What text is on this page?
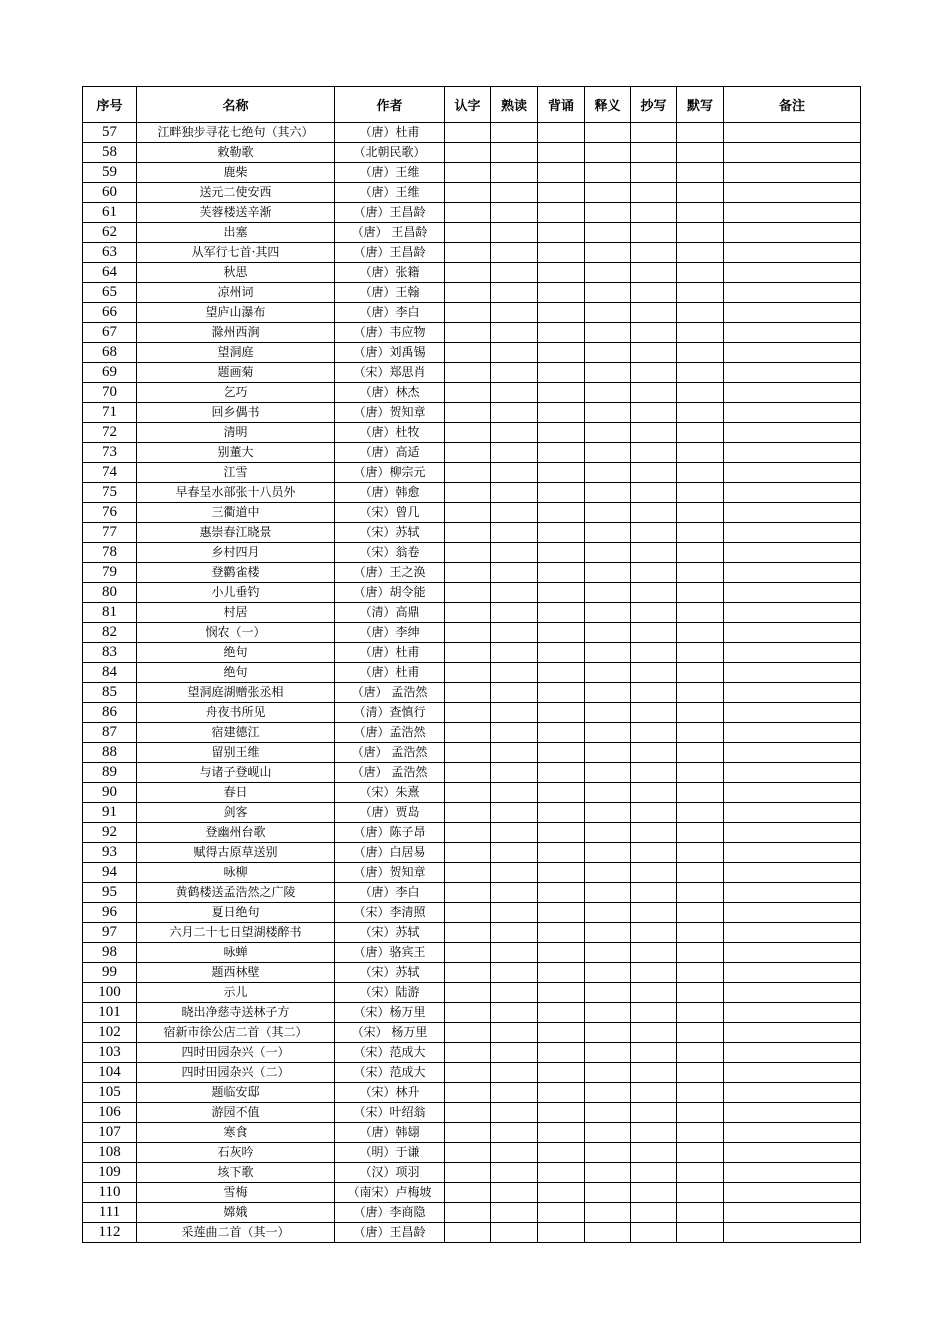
序号	名称	作者	认字	熟读	背诵	释义	抄写	默写	备注
57	江畔独步寻花七绝句（其六）	（唐）杜甫							
58	敕勒歌	（北朝民歌）							
59	鹿柴	（唐）王维							
60	送元二使安西	（唐）王维							
61	芙蓉楼送辛渐	（唐）王昌龄							
62	出塞	（唐） 王昌龄							
63	从军行七首·其四	（唐）王昌龄							
64	秋思	（唐）张籍							
65	凉州词	（唐）王翰							
66	望庐山瀑布	（唐）李白							
67	滁州西涧	（唐）韦应物							
68	望洞庭	（唐）刘禹锡							
69	题画菊	（宋）郑思肖							
70	乞巧	（唐）林杰							
71	回乡偶书	（唐）贺知章							
72	清明	（唐）杜牧							
73	别董大	（唐）高适							
74	江雪	（唐）柳宗元							
75	早春呈水部张十八员外	（唐）韩愈							
76	三衢道中	（宋）曾几							
77	惠崇春江晓景	（宋）苏轼							
78	乡村四月	（宋）翁卷							
79	登鹳雀楼	（唐）王之涣							
80	小儿垂钓	（唐）胡令能							
81	村居	（清）高鼎							
82	悯农（一）	（唐）李绅							
83	绝句	（唐）杜甫							
84	绝句	（唐）杜甫							
85	望洞庭湖赠张丞相	（唐） 孟浩然							
86	舟夜书所见	（清）查慎行							
87	宿建德江	（唐）孟浩然							
88	留别王维	（唐） 孟浩然							
89	与诸子登岘山	（唐） 孟浩然							
90	春日	（宋）朱熹							
91	剑客	（唐）贾岛							
92	登幽州台歌	（唐）陈子昂							
93	赋得古原草送别	（唐）白居易							
94	咏柳	（唐）贺知章							
95	黄鹤楼送孟浩然之广陵	（唐）李白							
96	夏日绝句	（宋）李清照							
97	六月二十七日望湖楼醉书	（宋）苏轼							
98	咏蝉	（唐）骆宾王							
99	题西林壁	（宋）苏轼							
100	示儿	（宋）陆游							
101	晓出净慈寺送林子方	（宋）杨万里							
102	宿新市徐公店二首（其二）	（宋） 杨万里							
103	四时田园杂兴（一）	（宋）范成大							
104	四时田园杂兴（二）	（宋）范成大							
105	题临安邸	（宋）林升							
106	游园不值	（宋）叶绍翁							
107	寒食	（唐）韩翃							
108	石灰吟	（明）于谦							
109	垓下歌	（汉）项羽							
110	雪梅	（南宋）卢梅坡							
111	嫦娥	（唐）李商隐							
112	采莲曲二首（其一）	（唐）王昌龄							
